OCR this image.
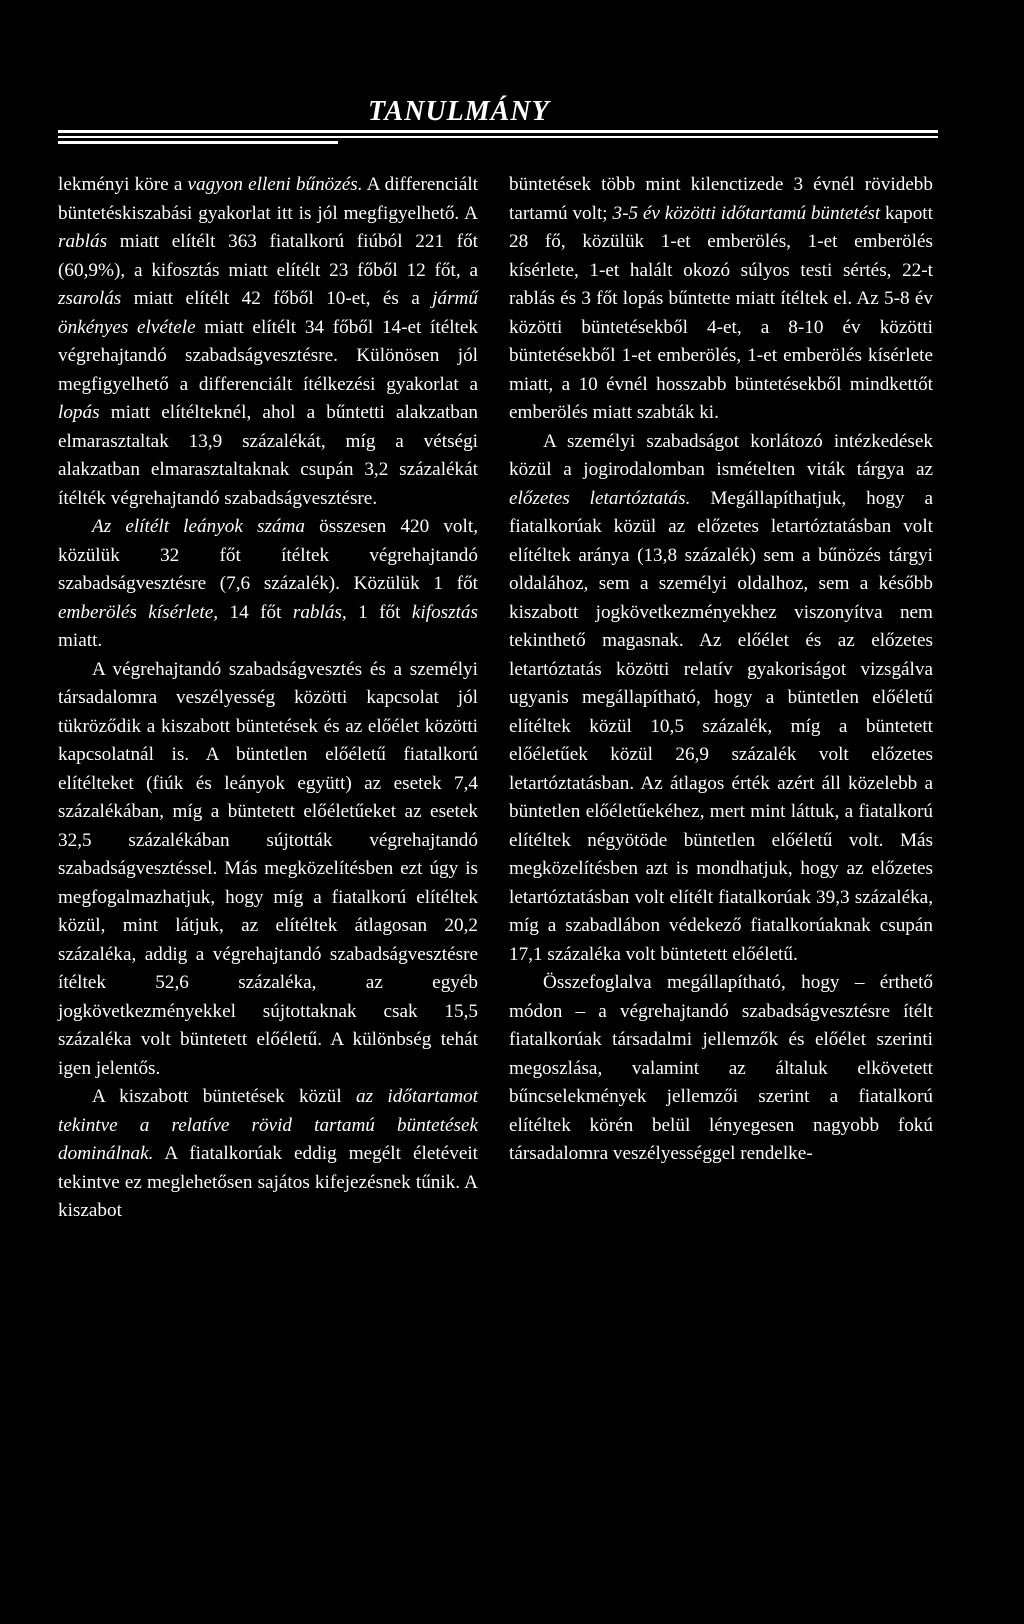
TANULMÁNY

lekményi köre a vagyon elleni bűnözés. A differenciált büntetéskiszabási gyakorlat itt is jól megfigyelhető. A rablás miatt elítélt 363 fiatalkorú fiúból 221 főt (60,9%), a kifosztás miatt elítélt 23 főből 12 főt, a zsarolás miatt elítélt 42 főből 10-et, és a jármű önkényes elvétele miatt elítélt 34 főből 14-et ítéltek végrehajtandó szabadságvesztésre. Különösen jól megfigyelhető a differenciált ítélkezési gyakorlat a lopás miatt elítélteknél, ahol a bűntetti alakzatban elmarasztaltak 13,9 százalékát, míg a vétségi alakzatban elmarasztaltaknak csupán 3,2 százalékát ítélték végrehajtandó szabadságvesztésre.

Az elítélt leányok száma összesen 420 volt, közülük 32 főt ítéltek végrehajtandó szabadságvesztésre (7,6 százalék). Közülük 1 főt emberölés kísérlete, 14 főt rablás, 1 főt kifosztás miatt.

A végrehajtandó szabadságvesztés és a személyi társadalomra veszélyesség közötti kapcsolat jól tükröződik a kiszabott büntetések és az előélet közötti kapcsolatnál is. A büntetlen előéletű fiatalkorú elítélteket (fiúk és leányok együtt) az esetek 7,4 százalékában, míg a büntetett előéletűeket az esetek 32,5 százalékában sújtották végrehajtandó szabadságvesztéssel. Más megközelítésben ezt úgy is megfogalmazhatjuk, hogy míg a fiatalkorú elítéltek közül, mint látjuk, az elítéltek átlagosan 20,2 százaléka, addig a végrehajtandó szabadságvesztésre ítéltek 52,6 százaléka, az egyéb jogkövetkezményekkel sújtottaknak csak 15,5 százaléka volt büntetett előéletű. A különbség tehát igen jelentős.

A kiszabott büntetések közül az időtartamot tekintve a relatíve rövid tartamú büntetések dominálnak. A fiatalkorúak eddig megélt életéveit tekintve ez meglehetősen sajátos kifejezésnek tűnik. A kiszabot

büntetések több mint kilenctizede 3 évnél rövidebb tartamú volt; 3-5 év közötti időtartamú büntetést kapott 28 fő, közülük 1-et emberölés, 1-et emberölés kísérlete, 1-et halált okozó súlyos testi sértés, 22-t rablás és 3 főt lopás bűntette miatt ítéltek el. Az 5-8 év közötti büntetésekből 4-et, a 8-10 év közötti büntetésekből 1-et emberölés, 1-et emberölés kísérlete miatt, a 10 évnél hosszabb büntetésekből mindkettőt emberölés miatt szabták ki.

A személyi szabadságot korlátozó intézkedések közül a jogirodalomban ismételten viták tárgya az előzetes letartóztatás. Megállapíthatjuk, hogy a fiatalkorúak közül az előzetes letartóztatásban volt elítéltek aránya (13,8 százalék) sem a bűnözés tárgyi oldalához, sem a személyi oldalhoz, sem a később kiszabott jogkövetkezményekhez viszonyítva nem tekinthető magasnak. Az előélet és az előzetes letartóztatás közötti relatív gyakoriságot vizsgálva ugyanis megállapítható, hogy a büntetlen előéletű elítéltek közül 10,5 százalék, míg a büntetett előéletűek közül 26,9 százalék volt előzetes letartóztatásban. Az átlagos érték azért áll közelebb a büntetlen előéletűekéhez, mert mint láttuk, a fiatalkorú elítéltek négyötöde büntetlen előéletű volt. Más megközelítésben azt is mondhatjuk, hogy az előzetes letartóztatásban volt elítélt fiatalkorúak 39,3 százaléka, míg a szabadlábon védekező fiatalkorúaknak csupán 17,1 százaléka volt büntetett előéletű.

Összefoglalva megállapítható, hogy – érthető módon – a végrehajtandó szabadságvesztésre ítélt fiatalkorúak társadalmi jellemzők és előélet szerinti megoszlása, valamint az általuk elkövetett bűncselekmények jellemzői szerint a fiatalkorú elítéltek körén belül lényegesen nagyobb fokú társadalomra veszélyességgel rendelke-
